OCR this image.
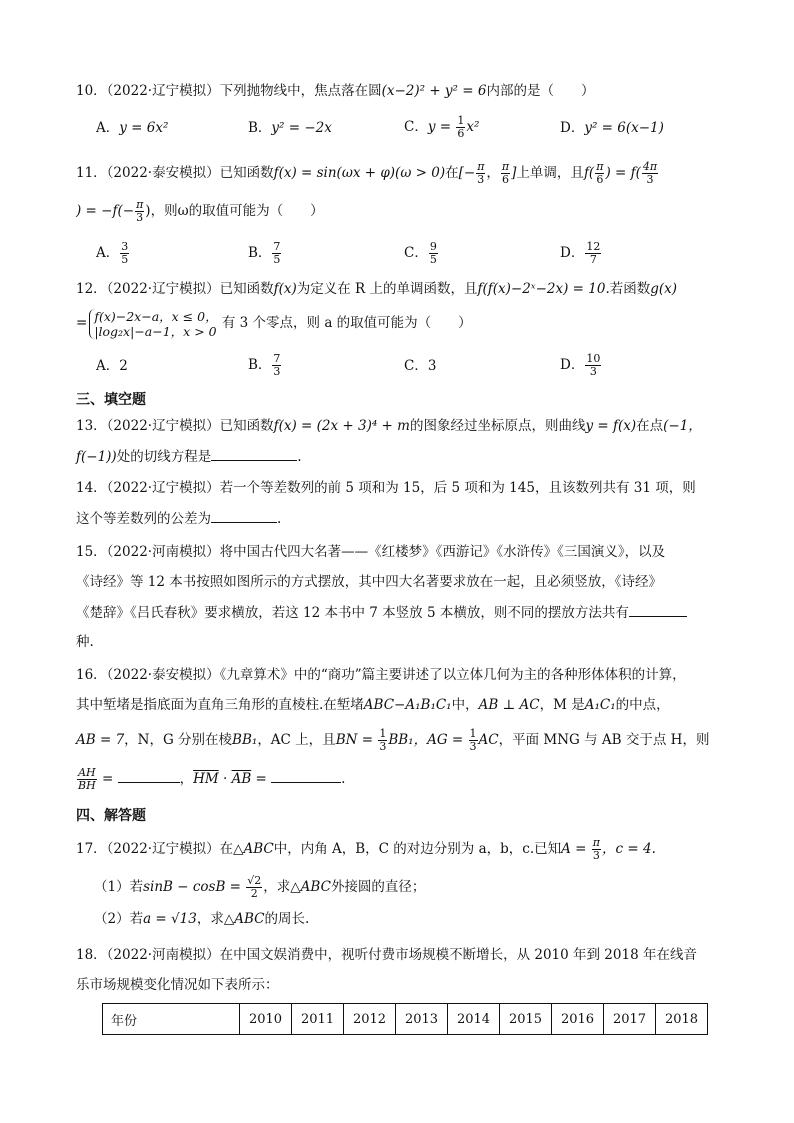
10．（2022·辽宁模拟）下列抛物线中，焦点落在圆(x−2)² + y² = 6内部的是（　　）
A．y = 6x²	B．y² = −2x	C．$y = \frac{1}{6} x^2$	D．y² = 6(x−1)
11．（2022·泰安模拟）已知函数f(x) = sin(ωx + φ)(ω > 0)在[− $\frac{\pi}{3}$ ， $\frac{\pi}{6}$ ]上单调，且$f( \frac{\pi}{6}$ ) = $f( \frac{4\pi}{3}$
) = $-f(- \frac{\pi}{3}$ )，则ω的取值可能为（　　）
A． $\frac{3}{5}$	B． $\frac{7}{5}$	C． $\frac{9}{5}$	D． $\frac{12}{7}$
12．（2022·辽宁模拟）已知函数f(x)为定义在 R 上的单调函数，且f(f(x)−2ˣ−2x) = 10.若函数g(x)
= f(x)−2x−a，x ≤ 0，
|log₂x|−a−1，x > 0 有 3 个零点，则 a 的取值可能为（　　）
A．2	B． $\frac{7}{3}$	C．3	D． $\frac{10}{3}$
三、填空题
13．（2022·辽宁模拟）已知函数f(x) = (2x + 3)⁴ + m的图象经过坐标原点，则曲线y = f(x)在点(−1，
f(−1))处的切线方程是	.
14．（2022·辽宁模拟）若一个等差数列的前 5 项和为 15，后 5 项和为 145，且该数列共有 31 项，则
这个等差数列的公差为	.
15．（2022·河南模拟）将中国古代四大名著——《红楼梦》《西游记》《水浒传》《三国演义》，以及
《诗经》等 12 本书按照如图所示的方式摆放，其中四大名著要求放在一起，且必须竖放，《诗经》
《楚辞》《吕氏春秋》要求横放，若这 12 本书中 7 本竖放 5 本横放，则不同的摆放方法共有
种.
16．（2022·泰安模拟）《九章算术》中的“商功”篇主要讲述了以立体几何为主的各种形体体积的计算，
其中堑堵是指底面为直角三角形的直棱柱.在堑堵ABC−A₁B₁C₁中，AB ⊥ AC，M 是A₁C₁的中点，
AB = 7，N，G 分别在棱BB₁，AC 上，且BN = $\frac{1}{3} BB_1$，AG = $\frac{1}{3}$ AC，平面 MNG 与 AB 交于点 H，则
$\frac{AH}{BH}$ =	，$\overline{HM} \cdot \overline{AB}$ =	.
四、解答题
17．（2022·辽宁模拟）在△ABC中，内角 A，B，C 的对边分别为 a，b，c.已知$A = \frac{\pi}{3}$ ，c = 4.
（1）若$\sin B - \cos B = \frac{√2}{2}$ ，求△ABC外接圆的直径；
（2）若a = √13，求△ABC的周长.
18．（2022·河南模拟）在中国文娱消费中，视听付费市场规模不断增长，从 2010 年到 2018 年在线音
乐市场规模变化情况如下表所示：
年份	2010	2011	2012	2013	2014	2015	2016	2017	2018
